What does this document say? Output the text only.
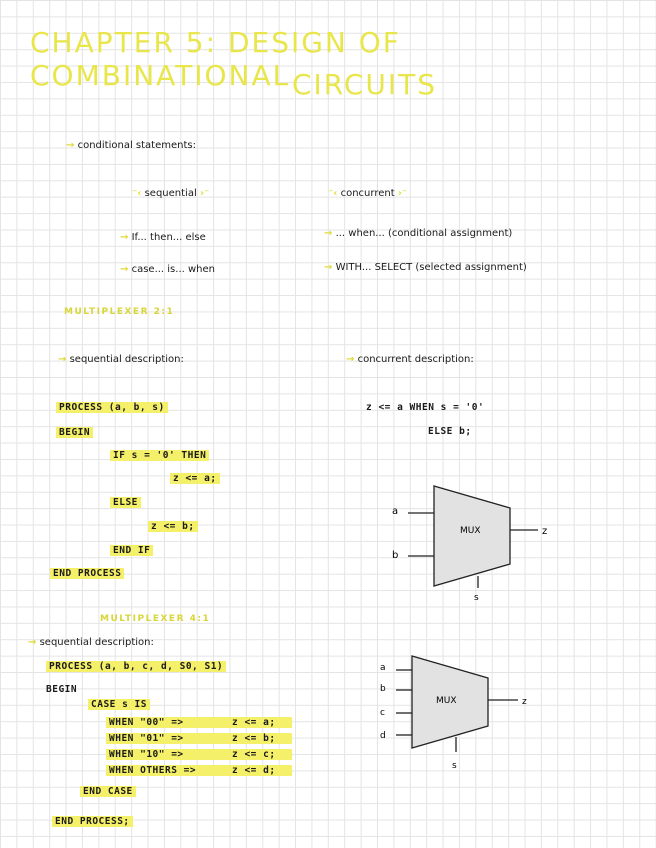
CHAPTER 5: DESIGN OF COMBINATIONAL CIRCUITS
→ conditional statements:
⁻‹ sequential ›⁻	⁻‹ concurrent ›⁻
→ If... then... else
→ case... is... when
→ ... when... (conditional assignment)
→ WITH... SELECT (selected assignment)
MULTIPLEXER 2:1
→ sequential description:	→ concurrent description:
PROCESS (a, b, s)
BEGIN
IF s = '0' THEN
z <= a;
ELSE
z <= b;
END IF
END PROCESS
z <= a WHEN s = '0'
ELSE b;
a
b
MUX	z
s
MULTIPLEXER 4:1
→ sequential description:
PROCESS (a, b, c, d, S0, S1)
BEGIN
CASE s IS
WHEN "00" =>	z <= a;
WHEN "01" =>	z <= b;
WHEN "10" =>	z <= c;
WHEN OTHERS =>	z <= d;
END CASE
END PROCESS;
a
b
c
d
MUX	z
s
